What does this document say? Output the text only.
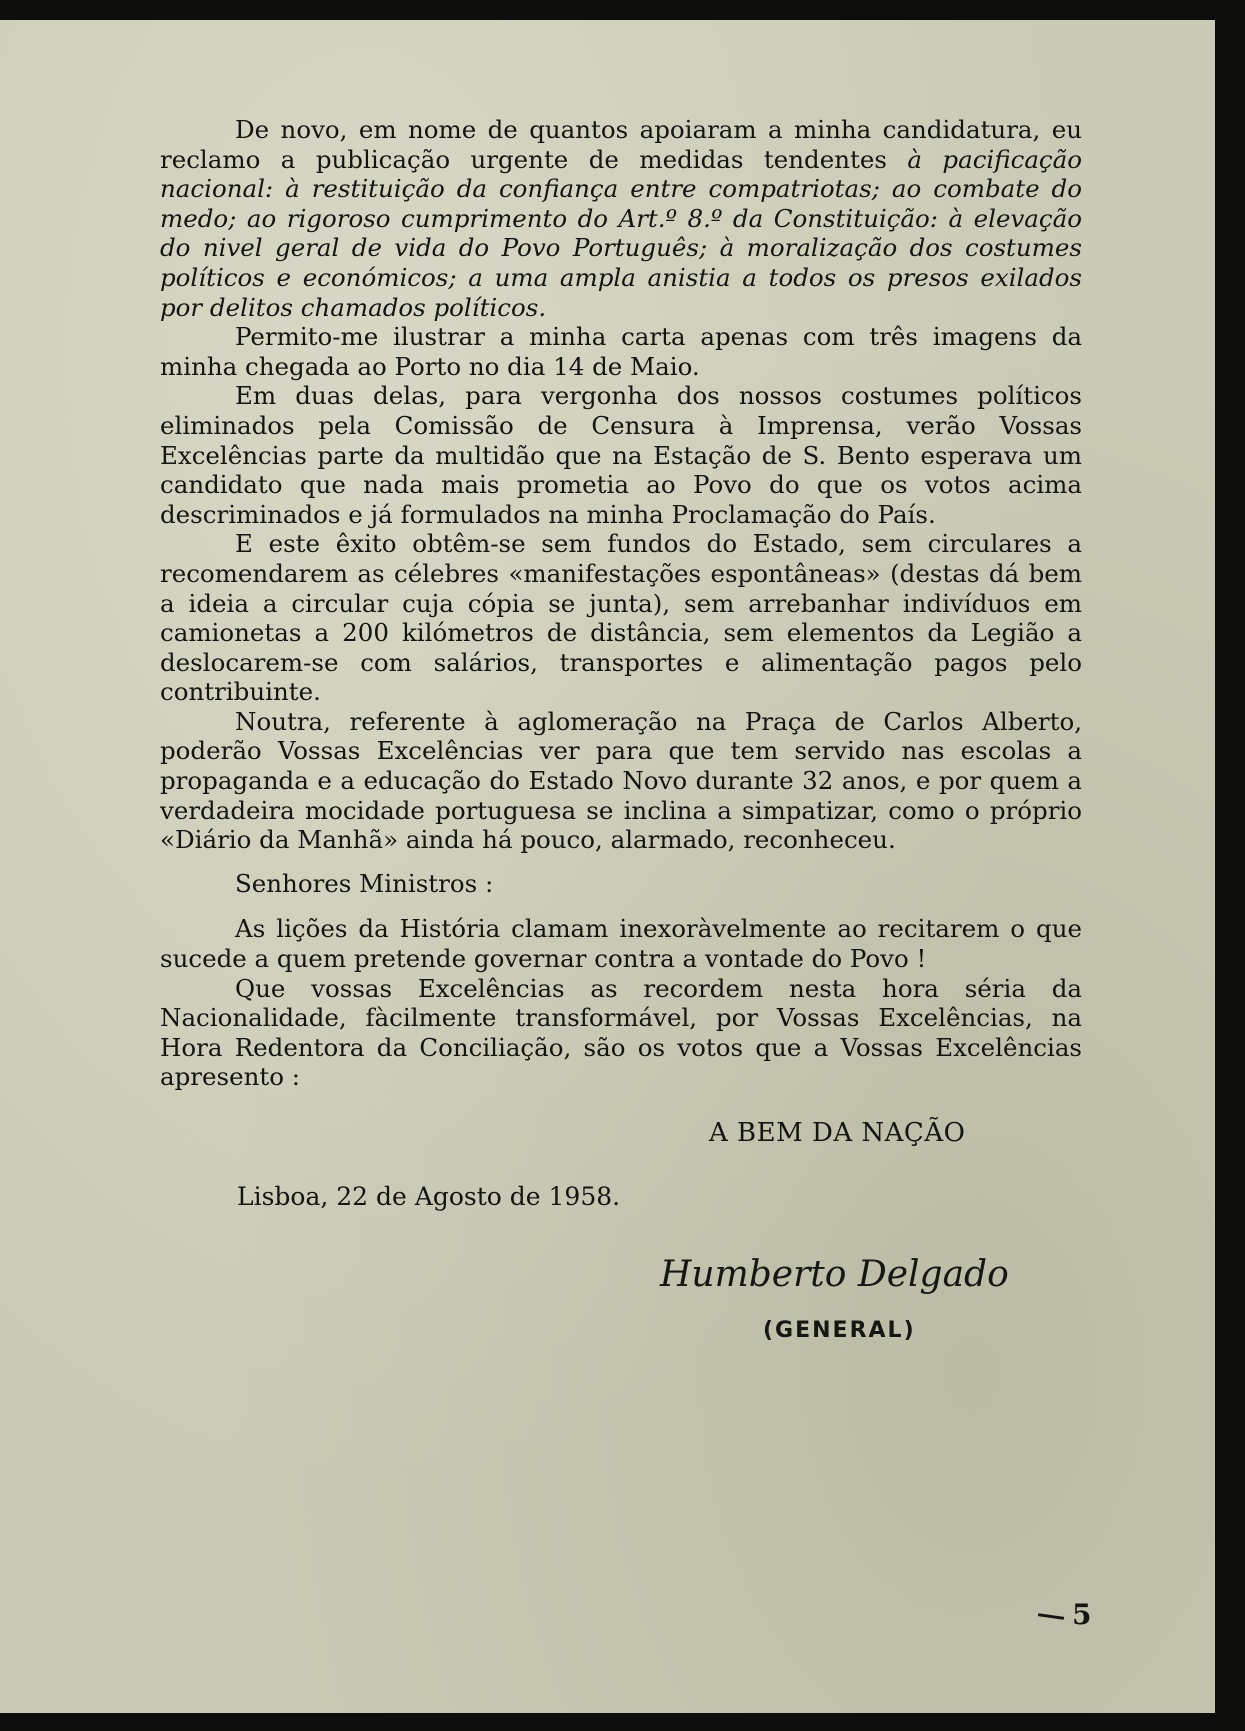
De novo, em nome de quantos apoiaram a minha candidatura, eu reclamo a publicação urgente de medidas tendentes à pacificação nacional: à restituição da confiança entre compatriotas; ao combate do medo; ao rigoroso cumprimento do Art.º 8.º da Constituição: à elevação do nivel geral de vida do Povo Português; à moralização dos costumes políticos e económicos; a uma ampla anistia a todos os presos exilados por delitos chamados políticos.

Permito-me ilustrar a minha carta apenas com três imagens da minha chegada ao Porto no dia 14 de Maio.

Em duas delas, para vergonha dos nossos costumes políticos eliminados pela Comissão de Censura à Imprensa, verão Vossas Excelências parte da multidão que na Estação de S. Bento esperava um candidato que nada mais prometia ao Povo do que os votos acima descriminados e já formulados na minha Proclamação do País.

E este êxito obtêm-se sem fundos do Estado, sem circulares a recomendarem as célebres «manifestações espontâneas» (destas dá bem a ideia a circular cuja cópia se junta), sem arrebanhar indivíduos em camionetas a 200 kilómetros de distância, sem elementos da Legião a deslocarem-se com salários, transportes e alimentação pagos pelo contribuinte.

Noutra, referente à aglomeração na Praça de Carlos Alberto, poderão Vossas Excelências ver para que tem servido nas escolas a propaganda e a educação do Estado Novo durante 32 anos, e por quem a verdadeira mocidade portuguesa se inclina a simpatizar, como o próprio «Diário da Manhã» ainda há pouco, alarmado, reconheceu.

Senhores Ministros :

As lições da História clamam inexoràvelmente ao recitarem o que sucede a quem pretende governar contra a vontade do Povo !

Que vossas Excelências as recordem nesta hora séria da Nacionalidade, fàcilmente transformável, por Vossas Excelências, na Hora Redentora da Conciliação, são os votos que a Vossas Excelências apresento :

A BEM DA NAÇÃO
Lisboa, 22 de Agosto de 1958.
Humberto Delgado
(GENERAL)
5
